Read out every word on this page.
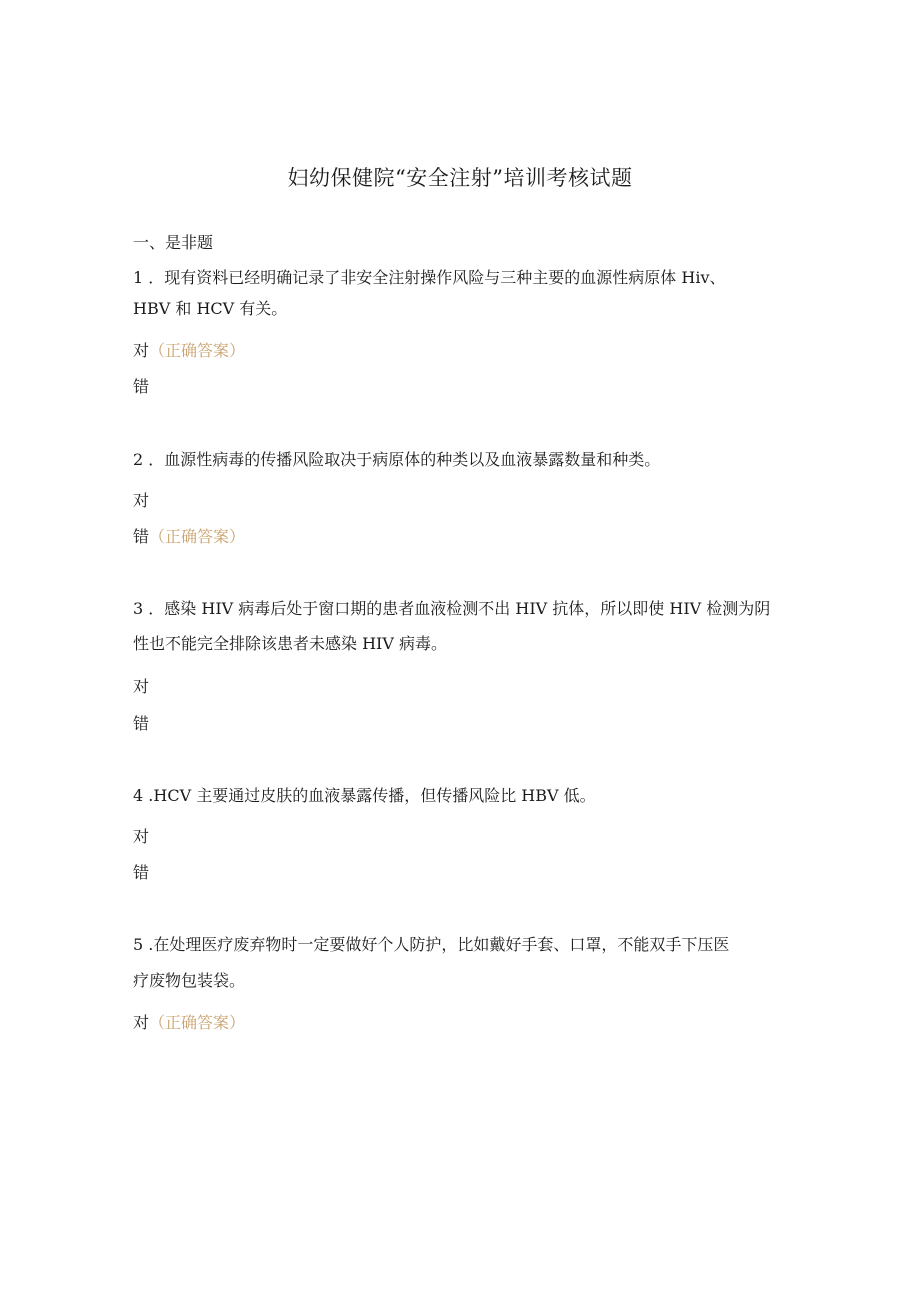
妇幼保健院“安全注射”培训考核试题
一、是非题
1 ．现有资料已经明确记录了非安全注射操作风险与三种主要的血源性病原体 Hiv、
HBV 和 HCV 有关。
对（正确答案）
错
2 ．血源性病毒的传播风险取决于病原体的种类以及血液暴露数量和种类。
对
错（正确答案）
3 ．感染 HIV 病毒后处于窗口期的患者血液检测不出 HIV 抗体，所以即使 HIV 检测为阴
性也不能完全排除该患者未感染 HIV 病毒。
对
错
4 .HCV 主要通过皮肤的血液暴露传播，但传播风险比 HBV 低。
对
错
5 .在处理医疗废弃物时一定要做好个人防护，比如戴好手套、口罩，不能双手下压医
疗废物包装袋。
对（正确答案）
